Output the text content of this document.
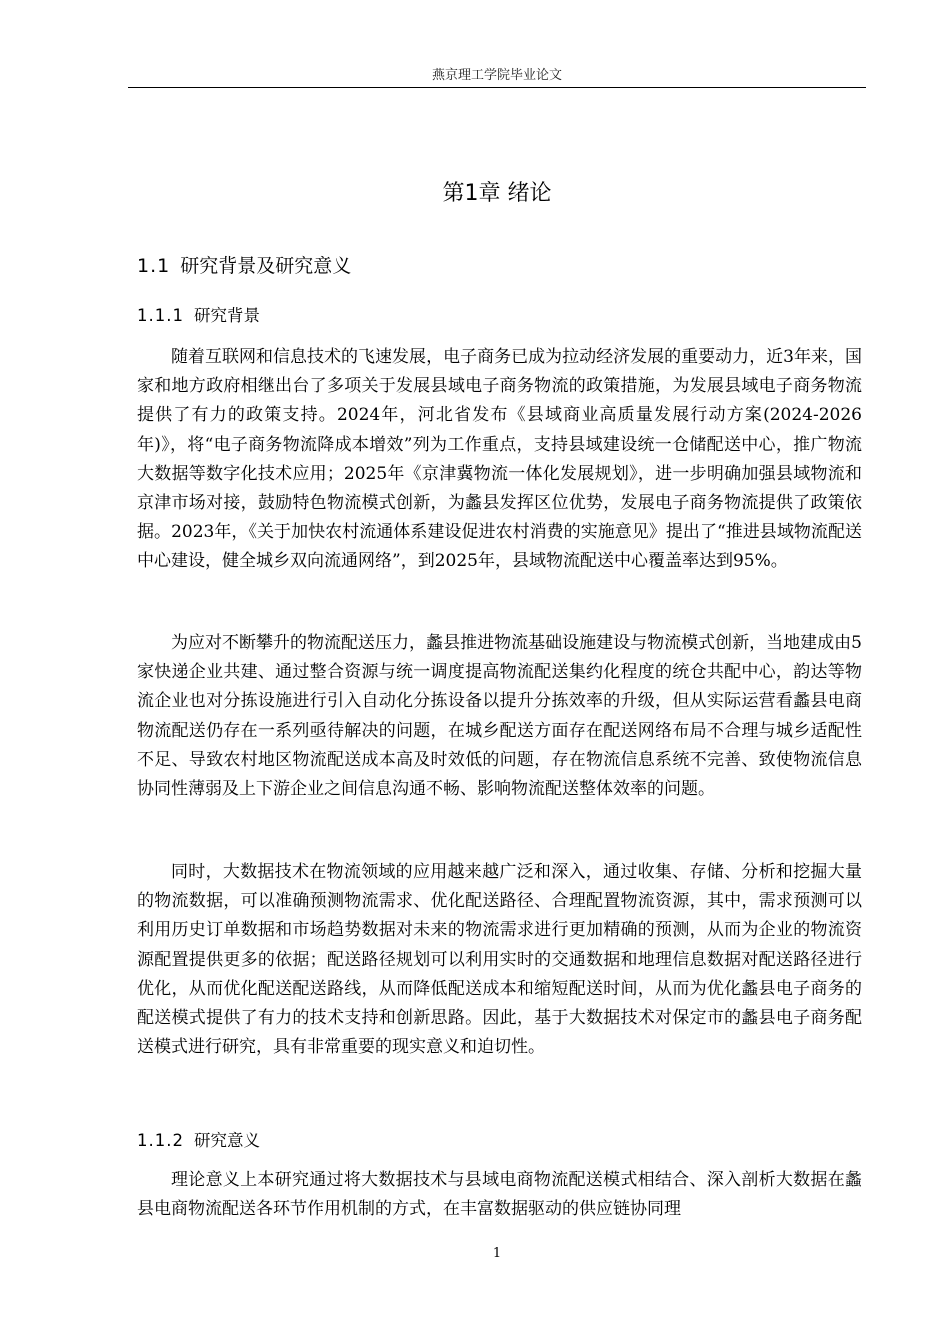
燕京理工学院毕业论文
第1章 绪论
1.1 研究背景及研究意义
1.1.1 研究背景

随着互联网和信息技术的飞速发展，电子商务已成为拉动经济发展的重要动力，近3年来，国家和地方政府相继出台了多项关于发展县域电子商务物流的政策措施，为发展县域电子商务物流提供了有力的政策支持。2024年，河北省发布《县域商业高质量发展行动方案(2024-2026年)》，将“电子商务物流降成本增效”列为工作重点，支持县域建设统一仓储配送中心，推广物流大数据等数字化技术应用；2025年《京津冀物流一体化发展规划》，进一步明确加强县域物流和京津市场对接，鼓励特色物流模式创新，为蠡县发挥区位优势，发展电子商务物流提供了政策依据。2023年，《关于加快农村流通体系建设促进农村消费的实施意见》提出了“推进县域物流配送中心建设，健全城乡双向流通网络”，到2025年，县域物流配送中心覆盖率达到95%。

为应对不断攀升的物流配送压力，蠡县推进物流基础设施建设与物流模式创新，当地建成由5家快递企业共建、通过整合资源与统一调度提高物流配送集约化程度的统仓共配中心，韵达等物流企业也对分拣设施进行引入自动化分拣设备以提升分拣效率的升级，但从实际运营看蠡县电商物流配送仍存在一系列亟待解决的问题，在城乡配送方面存在配送网络布局不合理与城乡适配性不足、导致农村地区物流配送成本高及时效低的问题，存在物流信息系统不完善、致使物流信息协同性薄弱及上下游企业之间信息沟通不畅、影响物流配送整体效率的问题。

同时，大数据技术在物流领域的应用越来越广泛和深入，通过收集、存储、分析和挖掘大量的物流数据，可以准确预测物流需求、优化配送路径、合理配置物流资源，其中，需求预测可以利用历史订单数据和市场趋势数据对未来的物流需求进行更加精确的预测，从而为企业的物流资源配置提供更多的依据；配送路径规划可以利用实时的交通数据和地理信息数据对配送路径进行优化，从而优化配送配送路线，从而降低配送成本和缩短配送时间，从而为优化蠡县电子商务的配送模式提供了有力的技术支持和创新思路。因此，基于大数据技术对保定市的蠡县电子商务配送模式进行研究，具有非常重要的现实意义和迫切性。

1.1.2 研究意义

理论意义上本研究通过将大数据技术与县域电商物流配送模式相结合、深入剖析大数据在蠡县电商物流配送各环节作用机制的方式，在丰富数据驱动的供应链协同理

1
